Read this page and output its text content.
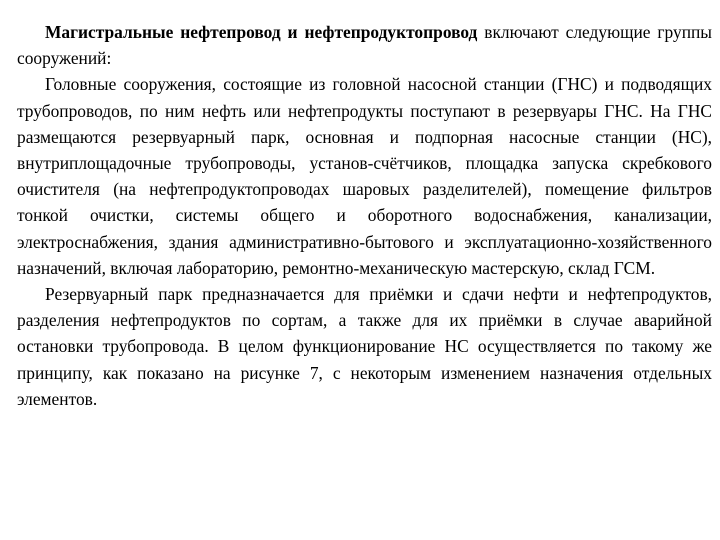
Магистральные нефтепровод и нефтепродуктопровод включают следующие группы сооружений:

Головные сооружения, состоящие из головной насосной станции (ГНС) и подводящих трубопроводов, по ним нефть или нефтепродукты поступают в резервуары ГНС. На ГНС размещаются резервуарный парк, основная и подпорная насосные станции (НС), внутриплощадочные трубопроводы, установ-счётчиков, площадка запуска скребкового очистителя (на нефтепродуктопроводах шаровых разделителей), помещение фильтров тонкой очистки, системы общего и оборотного водоснабжения, канализации, электроснабжения, здания административно-бытового и эксплуатационно-хозяйственного назначений, включая лабораторию, ремонтно-механическую мастерскую, склад ГСМ.

Резервуарный парк предназначается для приёмки и сдачи нефти и нефтепродуктов, разделения нефтепродуктов по сортам, а также для их приёмки в случае аварийной остановки трубопровода. В целом функционирование НС осуществляется по такому же принципу, как показано на рисунке 7, с некоторым изменением назначения отдельных элементов.
